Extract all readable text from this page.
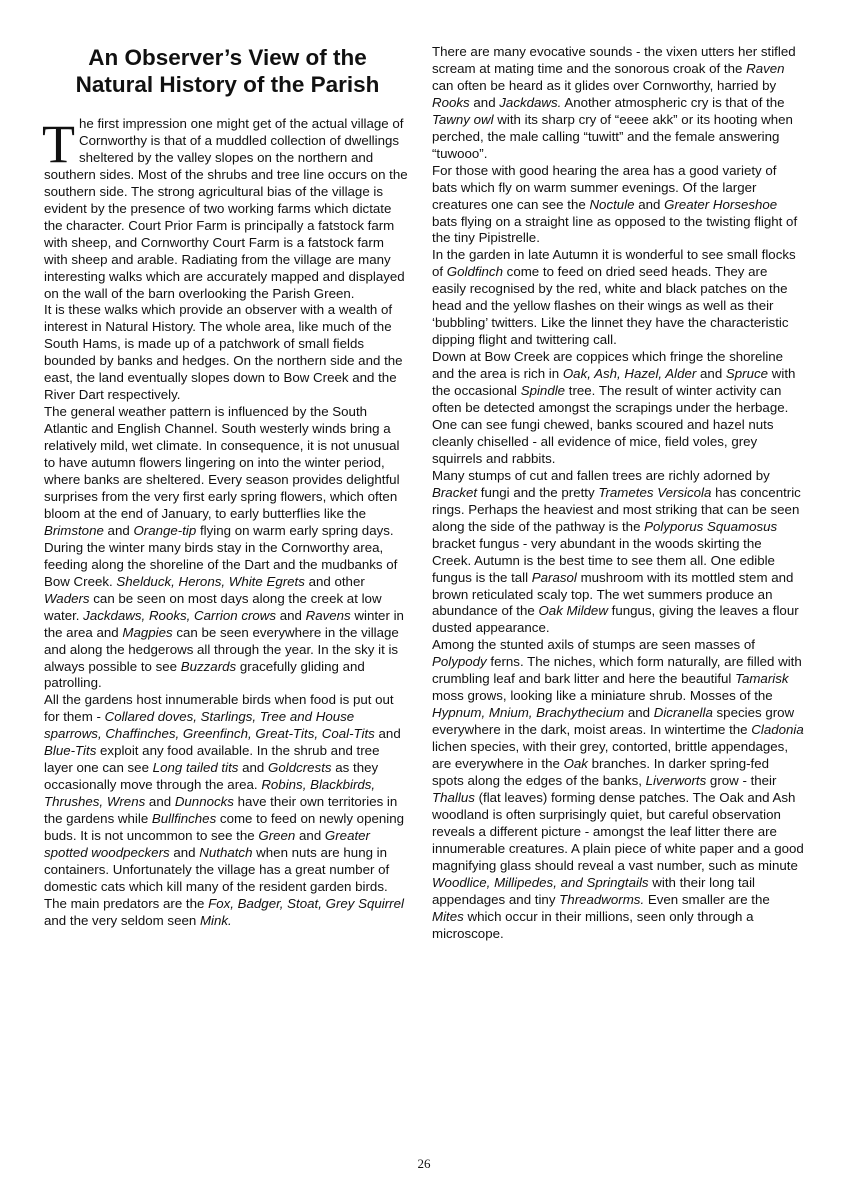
An Observer’s View of the
Natural History of the Parish

The first impression one might get of the actual village of Cornworthy is that of a muddled collection of dwellings sheltered by the valley slopes on the northern and southern sides. Most of the shrubs and tree line occurs on the southern side. The strong agricultural bias of the village is evident by the presence of two working farms which dictate the character. Court Prior Farm is principally a fatstock farm with sheep, and Cornworthy Court Farm is a fatstock farm with sheep and arable. Radiating from the village are many interesting walks which are accurately mapped and displayed on the wall of the barn overlooking the Parish Green.

It is these walks which provide an observer with a wealth of interest in Natural History. The whole area, like much of the South Hams, is made up of a patchwork of small fields bounded by banks and hedges. On the northern side and the east, the land eventually slopes down to Bow Creek and the River Dart respectively.

The general weather pattern is influenced by the South Atlantic and English Channel. South westerly winds bring a relatively mild, wet climate. In consequence, it is not unusual to have autumn flowers lingering on into the winter period, where banks are sheltered. Every season provides delightful surprises from the very first early spring flowers, which often bloom at the end of January, to early butterflies like the Brimstone and Orange-tip flying on warm early spring days.

During the winter many birds stay in the Cornworthy area, feeding along the shoreline of the Dart and the mudbanks of Bow Creek. Shelduck, Herons, White Egrets and other Waders can be seen on most days along the creek at low water. Jackdaws, Rooks, Carrion crows and Ravens winter in the area and Magpies can be seen everywhere in the village and along the hedgerows all through the year. In the sky it is always possible to see Buzzards gracefully gliding and patrolling.

All the gardens host innumerable birds when food is put out for them - Collared doves, Starlings, Tree and House sparrows, Chaffinches, Greenfinch, Great-Tits, Coal-Tits and Blue-Tits exploit any food available. In the shrub and tree layer one can see Long tailed tits and Goldcrests as they occasionally move through the area. Robins, Blackbirds, Thrushes, Wrens and Dunnocks have their own territories in the gardens while Bullfinches come to feed on newly opening buds. It is not uncommon to see the Green and Greater spotted woodpeckers and Nuthatch when nuts are hung in containers. Unfortunately the village has a great number of domestic cats which kill many of the resident garden birds.

The main predators are the Fox, Badger, Stoat, Grey Squirrel and the very seldom seen Mink.

There are many evocative sounds - the vixen utters her stifled scream at mating time and the sonorous croak of the Raven can often be heard as it glides over Cornworthy, harried by Rooks and Jackdaws. Another atmospheric cry is that of the Tawny owl with its sharp cry of “eeee akk” or its hooting when perched, the male calling “tuwitt” and the female answering “tuwooo”.

For those with good hearing the area has a good variety of bats which fly on warm summer evenings. Of the larger creatures one can see the Noctule and Greater Horseshoe bats flying on a straight line as opposed to the twisting flight of the tiny Pipistrelle.

In the garden in late Autumn it is wonderful to see small flocks of Goldfinch come to feed on dried seed heads. They are easily recognised by the red, white and black patches on the head and the yellow flashes on their wings as well as their ‘bubbling’ twitters. Like the linnet they have the characteristic dipping flight and twittering call.

Down at Bow Creek are coppices which fringe the shoreline and the area is rich in Oak, Ash, Hazel, Alder and Spruce with the occasional Spindle tree. The result of winter activity can often be detected amongst the scrapings under the herbage. One can see fungi chewed, banks scoured and hazel nuts cleanly chiselled - all evidence of mice, field voles, grey squirrels and rabbits.

Many stumps of cut and fallen trees are richly adorned by Bracket fungi and the pretty Trametes Versicola has concentric rings. Perhaps the heaviest and most striking that can be seen along the side of the pathway is the Polyporus Squamosus bracket fungus - very abundant in the woods skirting the Creek. Autumn is the best time to see them all. One edible fungus is the tall Parasol mushroom with its mottled stem and brown reticulated scaly top. The wet summers produce an abundance of the Oak Mildew fungus, giving the leaves a flour dusted appearance.

Among the stunted axils of stumps are seen masses of Polypody ferns. The niches, which form naturally, are filled with crumbling leaf and bark litter and here the beautiful Tamarisk moss grows, looking like a miniature shrub. Mosses of the Hypnum, Mnium, Brachythecium and Dicranella species grow everywhere in the dark, moist areas. In wintertime the Cladonia lichen species, with their grey, contorted, brittle appendages, are everywhere in the Oak branches. In darker spring-fed spots along the edges of the banks, Liverworts grow - their Thallus (flat leaves) forming dense patches. The Oak and Ash woodland is often surprisingly quiet, but careful observation reveals a different picture - amongst the leaf litter there are innumerable creatures. A plain piece of white paper and a good magnifying glass should reveal a vast number, such as minute Woodlice, Millipedes, and Springtails with their long tail appendages and tiny Threadworms. Even smaller are the Mites which occur in their millions, seen only through a microscope.

26
